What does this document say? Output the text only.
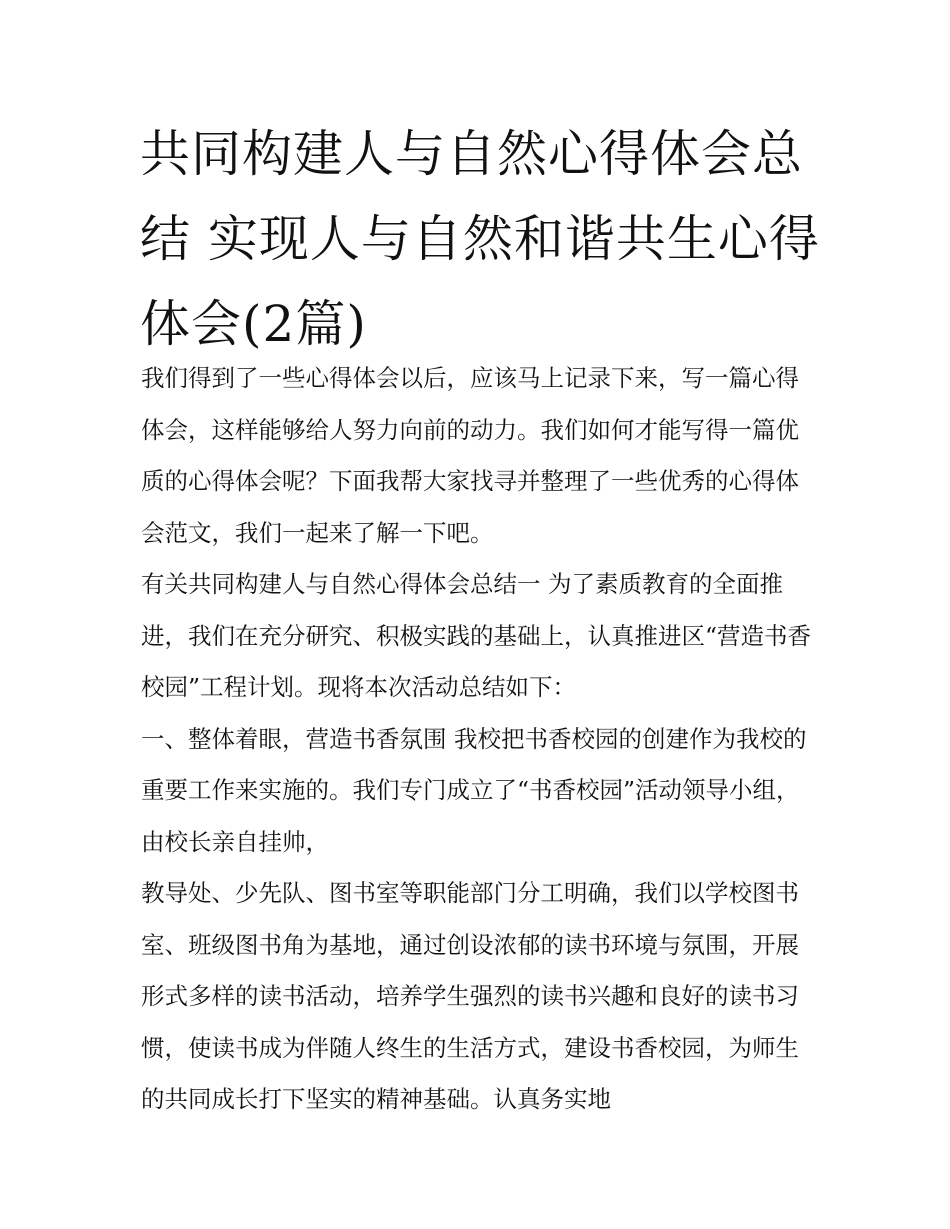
共同构建人与自然心得体会总结 实现人与自然和谐共生心得体会(2篇)

我们得到了一些心得体会以后，应该马上记录下来，写一篇心得体会，这样能够给人努力向前的动力。我们如何才能写得一篇优质的心得体会呢？下面我帮大家找寻并整理了一些优秀的心得体会范文，我们一起来了解一下吧。

有关共同构建人与自然心得体会总结一 为了素质教育的全面推进，我们在充分研究、积极实践的基础上，认真推进区“营造书香校园”工程计划。现将本次活动总结如下：

一、整体着眼，营造书香氛围 我校把书香校园的创建作为我校的重要工作来实施的。我们专门成立了“书香校园”活动领导小组，由校长亲自挂帅，

教导处、少先队、图书室等职能部门分工明确，我们以学校图书室、班级图书角为基地，通过创设浓郁的读书环境与氛围，开展形式多样的读书活动，培养学生强烈的读书兴趣和良好的读书习惯，使读书成为伴随人终生的生活方式，建设书香校园，为师生的共同成长打下坚实的精神基础。认真务实地
